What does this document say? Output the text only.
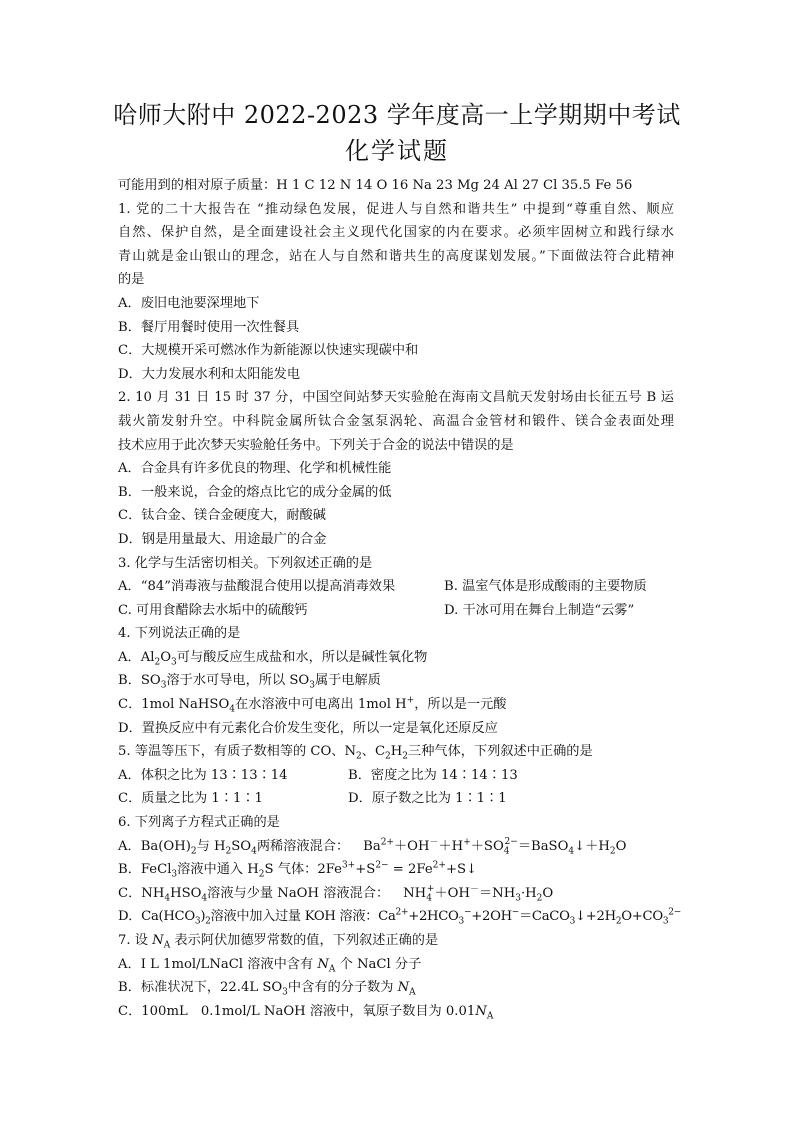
哈师大附中 2022-2023 学年度高一上学期期中考试
化学试题
可能用到的相对原子质量：H 1 C 12 N 14 O 16 Na 23 Mg 24 Al 27 Cl 35.5 Fe 56
1. 党的二十大报告在 “推动绿色发展，促进人与自然和谐共生” 中提到“尊重自然、顺应
自然、保护自然，是全面建设社会主义现代化国家的内在要求。必须牢固树立和践行绿水
青山就是金山银山的理念，站在人与自然和谐共生的高度谋划发展。”下面做法符合此精神
的是
A．废旧电池要深埋地下
B．餐厅用餐时使用一次性餐具
C．大规模开采可燃冰作为新能源以快速实现碳中和
D．大力发展水利和太阳能发电
2. 10 月 31 日 15 时 37 分，中国空间站梦天实验舱在海南文昌航天发射场由长征五号 B 运
载火箭发射升空。中科院金属所钛合金氢泵涡轮、高温合金管材和锻件、镁合金表面处理
技术应用于此次梦天实验舱任务中。下列关于合金的说法中错误的是
A．合金具有许多优良的物理、化学和机械性能
B．一般来说，合金的熔点比它的成分金属的低
C．钛合金、镁合金硬度大，耐酸碱
D．钢是用量最大、用途最广的合金
3. 化学与生活密切相关。下列叙述正确的是
A．“84”消毒液与盐酸混合使用以提高消毒效果	B. 温室气体是形成酸雨的主要物质
C. 可用食醋除去水垢中的硫酸钙	D. 干冰可用在舞台上制造“云雾”
4. 下列说法正确的是
A．$Al_2O_3$可与酸反应生成盐和水，所以是碱性氧化物
B．$SO_3$溶于水可导电，所以 $SO_3$属于电解质
C．1mol NaHSO$_4$在水溶液中可电离出 1mol H+，所以是一元酸
D．置换反应中有元素化合价发生变化，所以一定是氧化还原反应
5. 等温等压下，有质子数相等的 CO、$N_2$、$C_2H_2$三种气体，下列叙述中正确的是
A．体积之比为 13∶13∶14	B．密度之比为 14∶14∶13
C．质量之比为 1∶1∶1	D．原子数之比为 1∶1∶1
6. 下列离子方程式正确的是
A．$Ba(OH)_2$与 $H_2SO_4$两稀溶液混合： $Ba^{2+}+OH^-+H^++SO_4^{2-}=BaSO_4↓+H_2O$
B．FeCl$_3$溶液中通入 $H_2S$ 气体：$2Fe^{3+}+S^{2-}$ = $2Fe^{2+}+S↓$
C．$NH_4HSO_4$溶液与少量 NaOH 溶液混合： $NH_4^++OH^-=NH_3\cdot H_2O$
D．$Ca(HCO_3)_2$溶液中加入过量 KOH 溶液：$Ca^{2+}+2HCO_3^-+2OH^-=CaCO_3↓+2H_2O+CO_3^{2-}$
7. 设 $N_A$ 表示阿伏加德罗常数的值，下列叙述正确的是
A．I L 1mol/LNaCl 溶液中含有 $N_A$ 个 NaCl 分子
B．标准状况下，22.4L $SO_3$中含有的分子数为 $N_A$
C．100mL　0.1mol/L NaOH 溶液中，氧原子数目为 $0.01N_A$
